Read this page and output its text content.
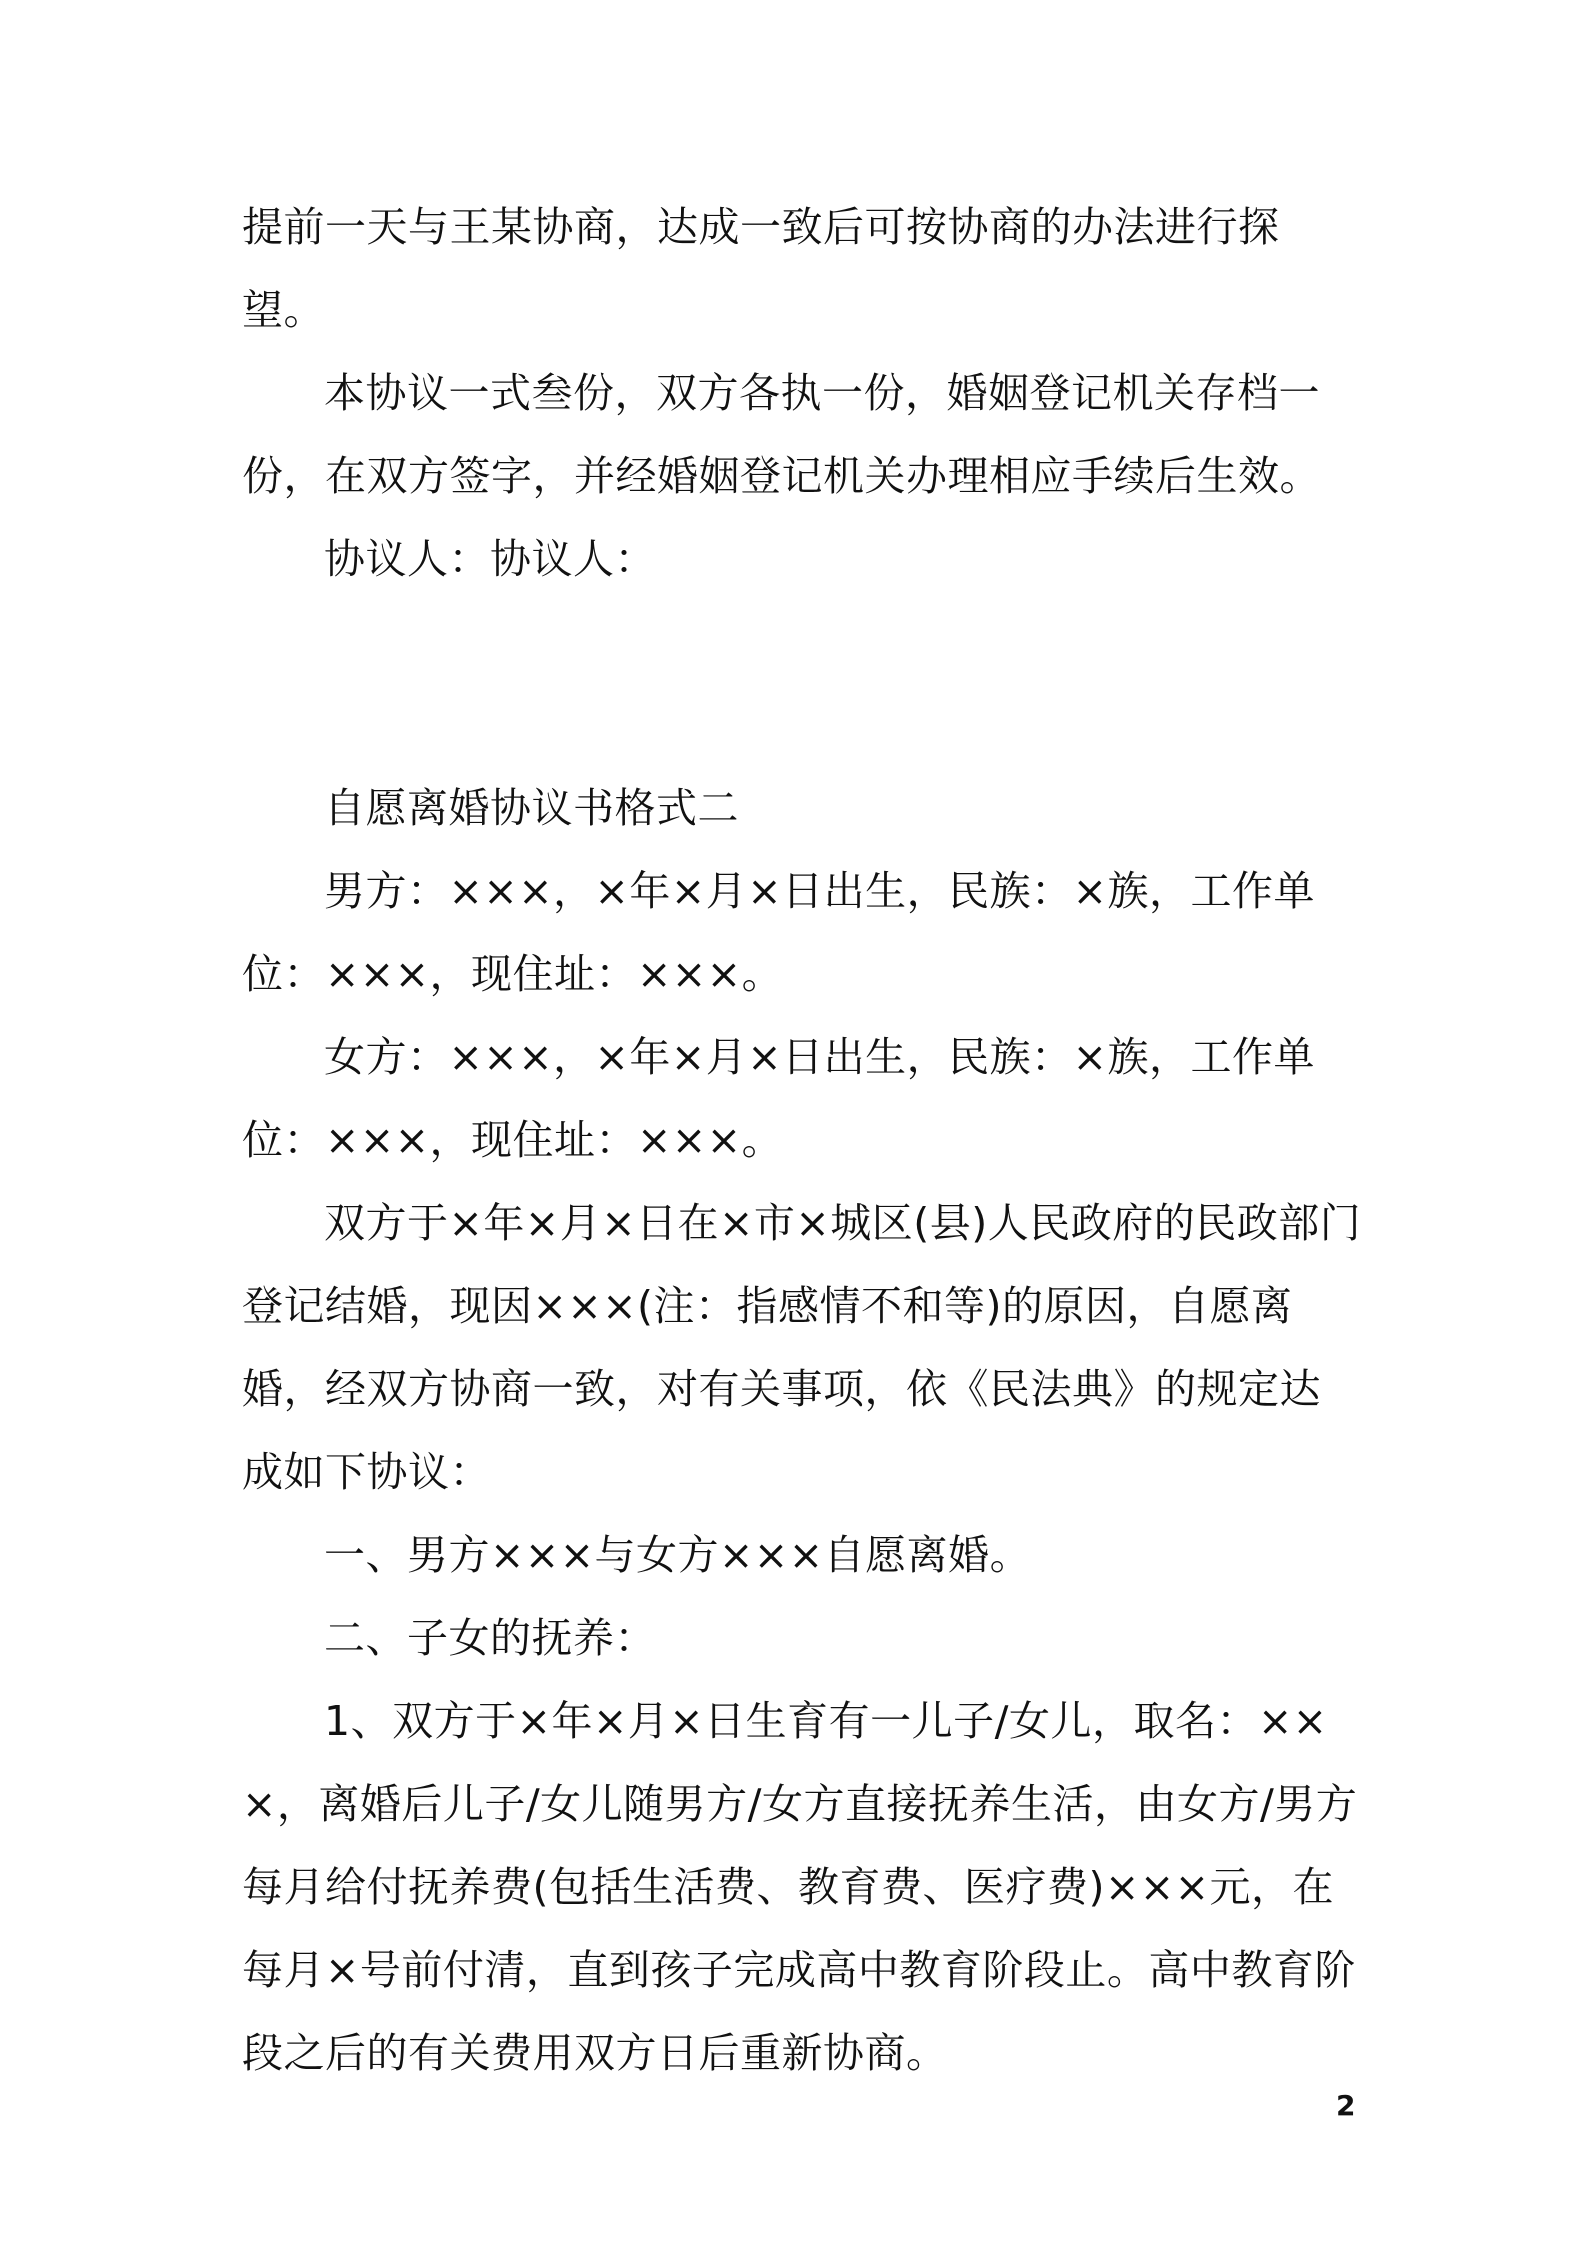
提前一天与王某协商，达成一致后可按协商的办法进行探望。

本协议一式叁份，双方各执一份，婚姻登记机关存档一份，在双方签字，并经婚姻登记机关办理相应手续后生效。

协议人：协议人：

自愿离婚协议书格式二

男方：×××，×年×月×日出生，民族：×族，工作单位：×××，现住址：×××。

女方：×××，×年×月×日出生，民族：×族，工作单位：×××，现住址：×××。

双方于×年×月×日在×市×城区(县)人民政府的民政部门登记结婚，现因×××(注：指感情不和等)的原因，自愿离婚，经双方协商一致，对有关事项，依《民法典》的规定达成如下协议：

一、男方×××与女方×××自愿离婚。

二、子女的抚养：

1、双方于×年×月×日生育有一儿子/女儿，取名：×××，离婚后儿子/女儿随男方/女方直接抚养生活，由女方/男方每月给付抚养费(包括生活费、教育费、医疗费)×××元，在每月×号前付清，直到孩子完成高中教育阶段止。高中教育阶段之后的有关费用双方日后重新协商。

2
